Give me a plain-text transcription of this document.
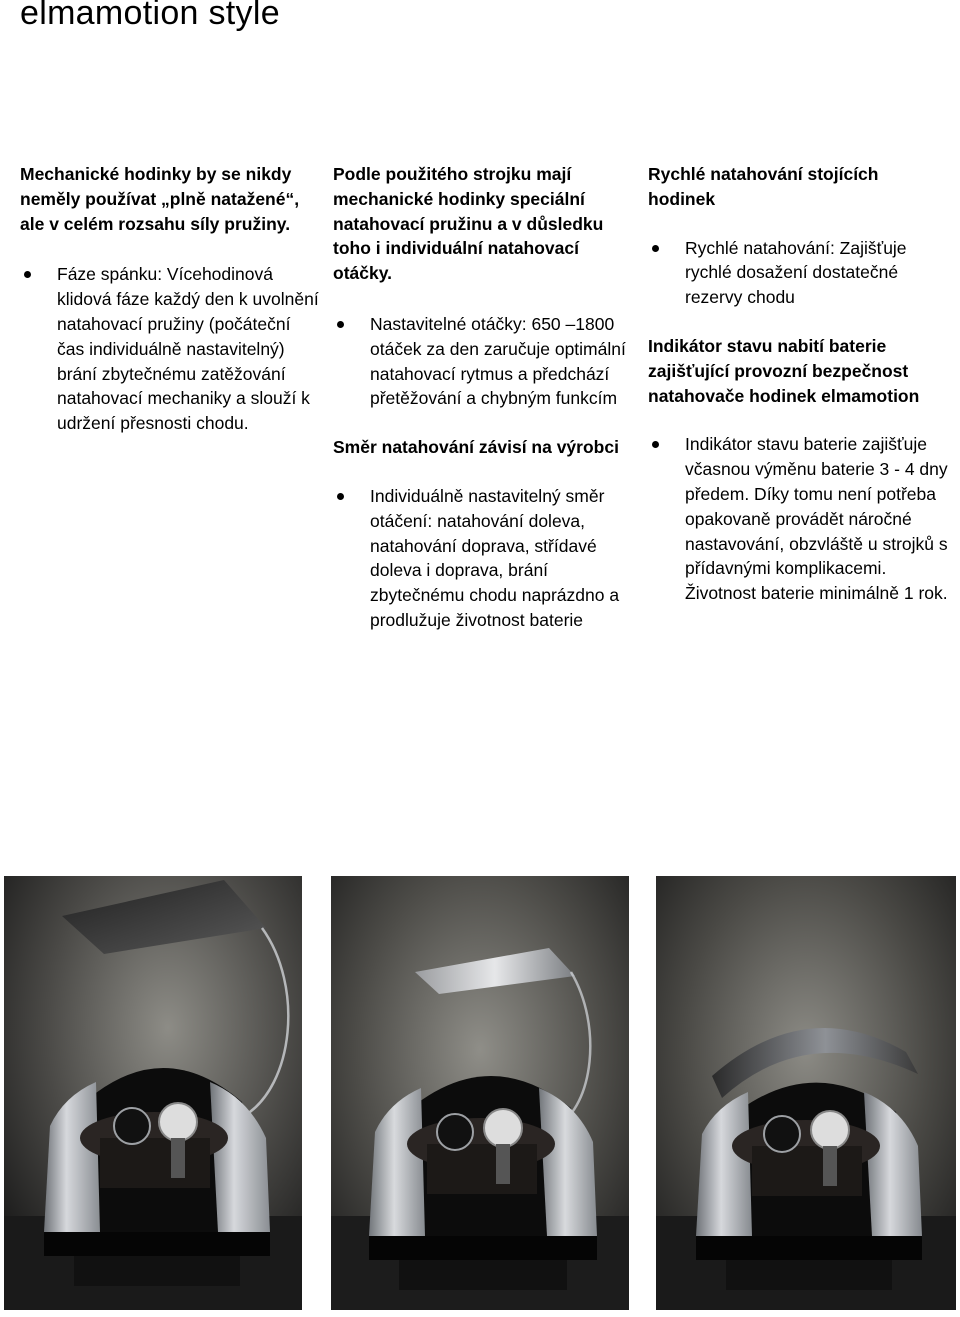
elmamotion style

Mechanické hodinky by se nikdy neměly používat „plně natažené“, ale v celém rozsahu síly pružiny.

Fáze spánku: Vícehodinová klidová fáze každý den k uvolnění natahovací pružiny (počáteční čas individuálně nastavitelný) brání zbytečnému zatěžování natahovací mechaniky a slouží k udržení přesnosti chodu.

Podle použitého strojku mají mechanické hodinky speciální natahovací pružinu a v důsledku toho i individuální natahovací otáčky.

Nastavitelné otáčky: 650 –1800 otáček za den zaručuje optimální natahovací rytmus a předchází přetěžování a chybným funkcím

Směr natahování závisí na výrobci

Individuálně nastavitelný směr otáčení: natahování doleva, natahování doprava, střídavé doleva i doprava, brání zbytečnému chodu naprázdno a prodlužuje životnost baterie

Rychlé natahování stojících hodinek

Rychlé natahování: Zajišťuje rychlé dosažení dostatečné rezervy chodu

Indikátor stavu nabití baterie zajišťující provozní bezpečnost natahovače hodinek elmamotion

Indikátor stavu baterie zajišťuje včasnou výměnu baterie 3 - 4 dny předem. Díky tomu není potřeba opakovaně provádět náročné nastavování, obzvláště u strojků s přídavnými komplikacemi. Životnost baterie minimálně 1 rok.
